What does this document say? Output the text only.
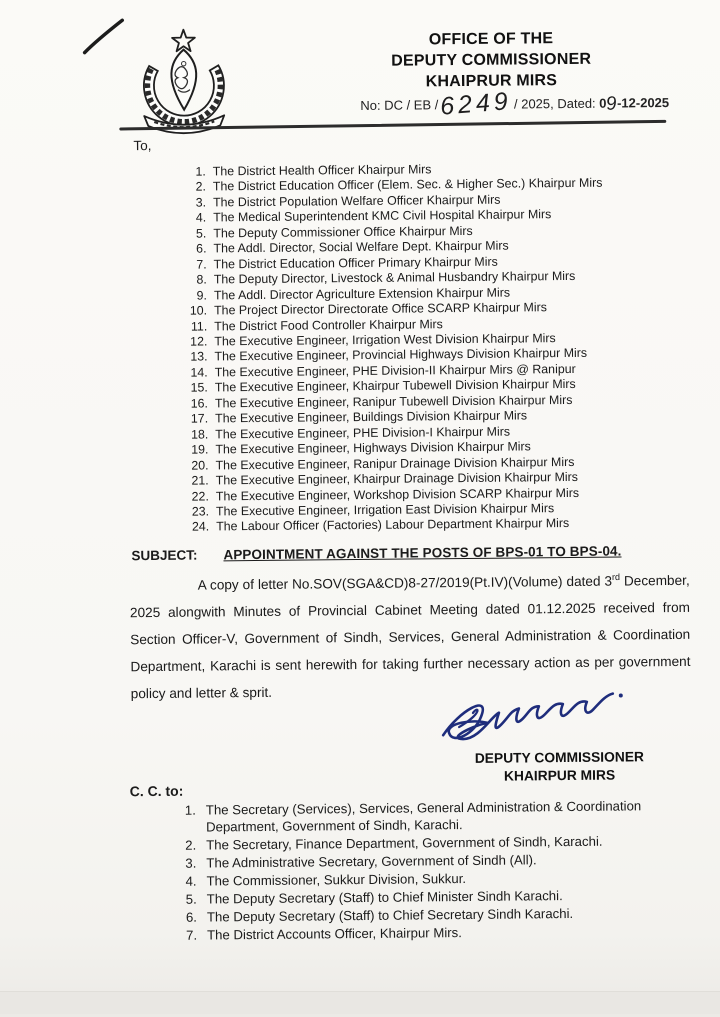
OFFICE OF THE
DEPUTY COMMISSIONER
KHAIPRUR MIRS
No: DC / EB /6249/ 2025, Dated: 09-12-2025
To,
1. The District Health Officer Khairpur Mirs
2. The District Education Officer (Elem. Sec. & Higher Sec.) Khairpur Mirs
3. The District Population Welfare Officer Khairpur Mirs
4. The Medical Superintendent KMC Civil Hospital Khairpur Mirs
5. The Deputy Commissioner Office Khairpur Mirs
6. The Addl. Director, Social Welfare Dept. Khairpur Mirs
7. The District Education Officer Primary Khairpur Mirs
8. The Deputy Director, Livestock & Animal Husbandry Khairpur Mirs
9. The Addl. Director Agriculture Extension Khairpur Mirs
10. The Project Director Directorate Office SCARP Khairpur Mirs
11. The District Food Controller Khairpur Mirs
12. The Executive Engineer, Irrigation West Division Khairpur Mirs
13. The Executive Engineer, Provincial Highways Division Khairpur Mirs
14. The Executive Engineer, PHE Division-II Khairpur Mirs @ Ranipur
15. The Executive Engineer, Khairpur Tubewell Division Khairpur Mirs
16. The Executive Engineer, Ranipur Tubewell Division Khairpur Mirs
17. The Executive Engineer, Buildings Division Khairpur Mirs
18. The Executive Engineer, PHE Division-I Khairpur Mirs
19. The Executive Engineer, Highways Division Khairpur Mirs
20. The Executive Engineer, Ranipur Drainage Division Khairpur Mirs
21. The Executive Engineer, Khairpur Drainage Division Khairpur Mirs
22. The Executive Engineer, Workshop Division SCARP Khairpur Mirs
23. The Executive Engineer, Irrigation East Division Khairpur Mirs
24. The Labour Officer (Factories) Labour Department Khairpur Mirs
SUBJECT:	APPOINTMENT AGAINST THE POSTS OF BPS-01 TO BPS-04.
A copy of letter No.SOV(SGA&CD)8-27/2019(Pt.IV)(Volume) dated 3rd December, 2025 alongwith Minutes of Provincial Cabinet Meeting dated 01.12.2025 received from Section Officer-V, Government of Sindh, Services, General Administration & Coordination Department, Karachi is sent herewith for taking further necessary action as per government policy and letter & sprit.
DEPUTY COMMISSIONER
KHAIRPUR MIRS
C. C. to:
1. The Secretary (Services), Services, General Administration & Coordination Department, Government of Sindh, Karachi.
2. The Secretary, Finance Department, Government of Sindh, Karachi.
3. The Administrative Secretary, Government of Sindh (All).
4. The Commissioner, Sukkur Division, Sukkur.
5. The Deputy Secretary (Staff) to Chief Minister Sindh Karachi.
6. The Deputy Secretary (Staff) to Chief Secretary Sindh Karachi.
7. The District Accounts Officer, Khairpur Mirs.
